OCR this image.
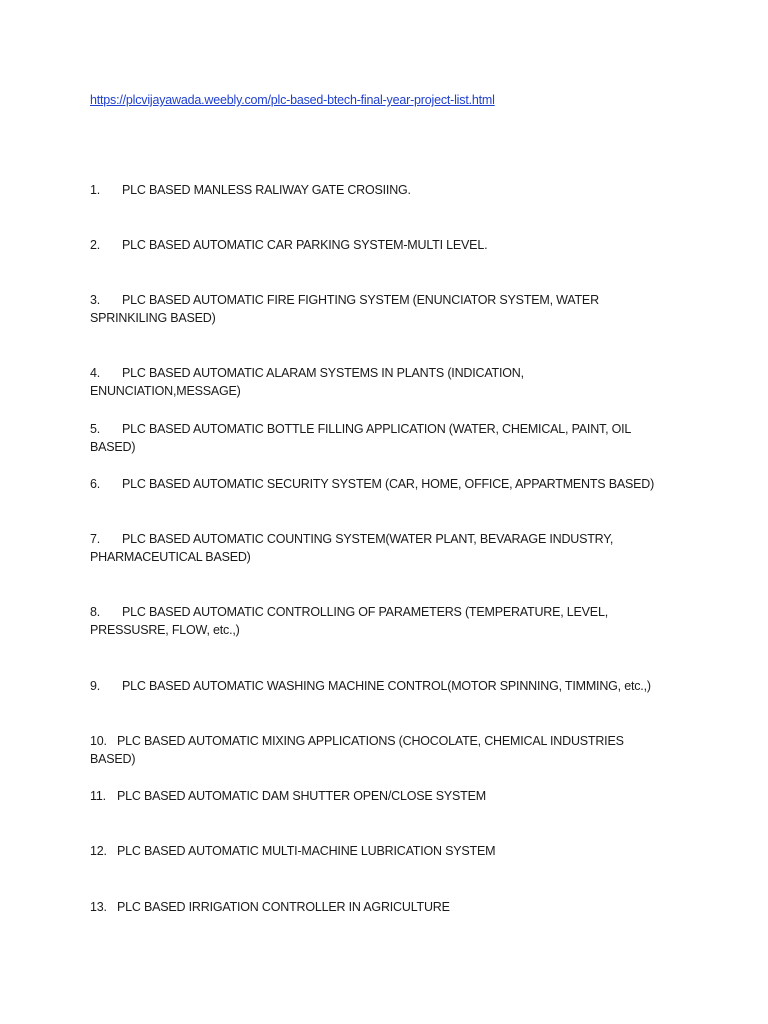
https://plcvijayawada.weebly.com/plc-based-btech-final-year-project-list.html
1. PLC BASED MANLESS RALIWAY GATE CROSIING.
2. PLC BASED AUTOMATIC CAR PARKING SYSTEM-MULTI LEVEL.
3. PLC BASED AUTOMATIC FIRE FIGHTING SYSTEM (ENUNCIATOR SYSTEM, WATER SPRINKILING BASED)
4. PLC BASED AUTOMATIC ALARAM SYSTEMS IN PLANTS (INDICATION, ENUNCIATION,MESSAGE)
5. PLC BASED AUTOMATIC BOTTLE FILLING APPLICATION (WATER, CHEMICAL, PAINT, OIL BASED)
6. PLC BASED AUTOMATIC SECURITY SYSTEM (CAR, HOME, OFFICE, APPARTMENTS BASED)
7. PLC BASED AUTOMATIC COUNTING SYSTEM(WATER PLANT, BEVARAGE INDUSTRY, PHARMACEUTICAL BASED)
8. PLC BASED AUTOMATIC CONTROLLING OF PARAMETERS (TEMPERATURE, LEVEL, PRESSUSRE, FLOW, etc.,)
9. PLC BASED AUTOMATIC WASHING MACHINE CONTROL(MOTOR SPINNING, TIMMING, etc.,)
10. PLC BASED AUTOMATIC MIXING APPLICATIONS (CHOCOLATE, CHEMICAL INDUSTRIES BASED)
11. PLC BASED AUTOMATIC DAM SHUTTER OPEN/CLOSE SYSTEM
12. PLC BASED AUTOMATIC MULTI-MACHINE LUBRICATION SYSTEM
13. PLC BASED IRRIGATION CONTROLLER IN AGRICULTURE
